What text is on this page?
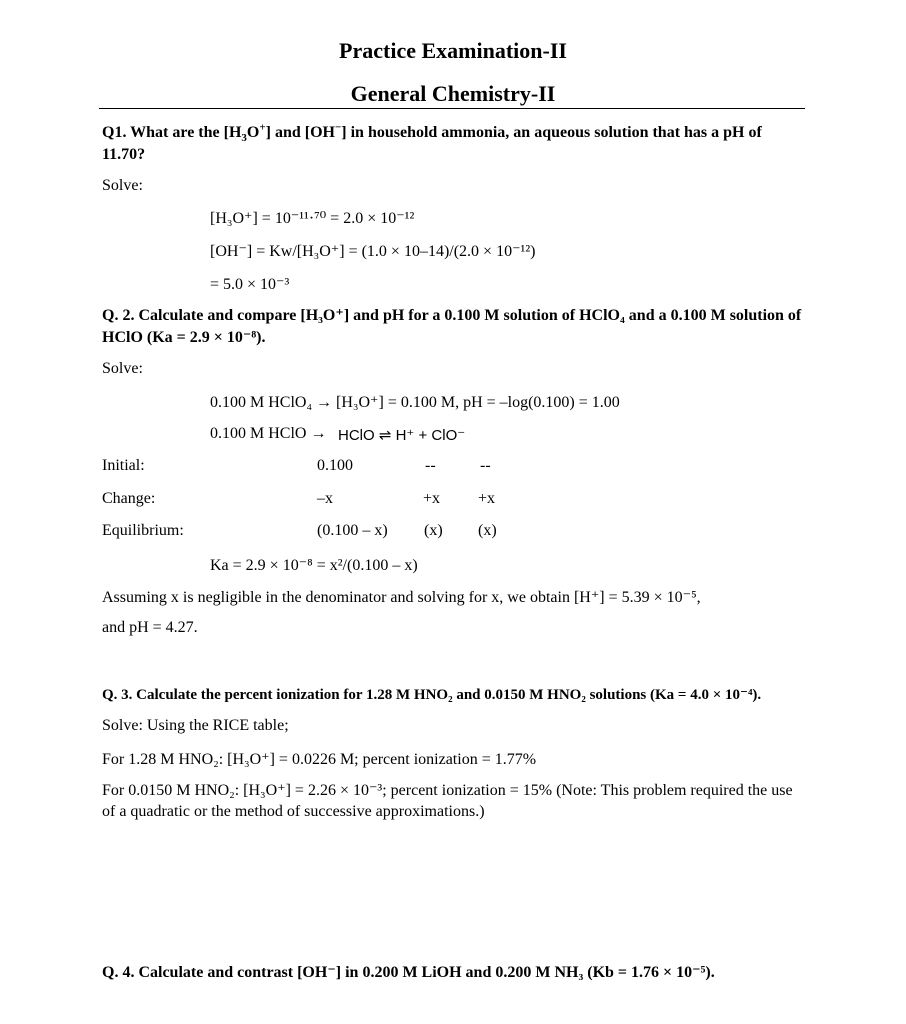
Practice Examination-II
General Chemistry-II
Q1. What are the $[H_3O^+]$ and [OH−] in household ammonia, an aqueous solution that has a pH of 11.70?
Solve:
[H₃O⁺] = 10⁻¹¹·⁷⁰ = 2.0 × 10⁻¹²
[OH⁻] = Kw/[H₃O⁺] = (1.0 × 10–14)/(2.0 × 10⁻¹²)
= 5.0 × 10⁻³
Q. 2. Calculate and compare [H₃O⁺] and pH for a 0.100 M solution of HClO₄ and a 0.100 M solution of HClO (Ka = 2.9 × 10⁻⁸).
Solve:
0.100 M HClO₄ → [H₃O⁺] = 0.100 M, pH = –log(0.100) = 1.00
0.100 M HClO → HClO ⇌ H⁺ + ClO⁻
Initial:	0.100	--	--
Change:	–x	+x +x
Equilibrium:	(0.100 – x) (x) (x)
Ka = 2.9 × 10⁻⁸ = x²/(0.100 – x)
Assuming x is negligible in the denominator and solving for x, we obtain [H⁺] = 5.39 × 10⁻⁵,
and pH = 4.27.
Q. 3. Calculate the percent ionization for 1.28 M HNO₂ and 0.0150 M HNO₂ solutions (Ka = 4.0 × 10⁻⁴).
Solve: Using the RICE table;
For 1.28 M HNO₂: [H₃O⁺] = 0.0226 M; percent ionization = 1.77%
For 0.0150 M HNO₂: [H₃O⁺] = 2.26 × 10⁻³; percent ionization = 15% (Note: This problem required the use of a quadratic or the method of successive approximations.)
Q. 4. Calculate and contrast [OH⁻] in 0.200 M LiOH and 0.200 M NH₃ (Kb = 1.76 × 10⁻⁵).
